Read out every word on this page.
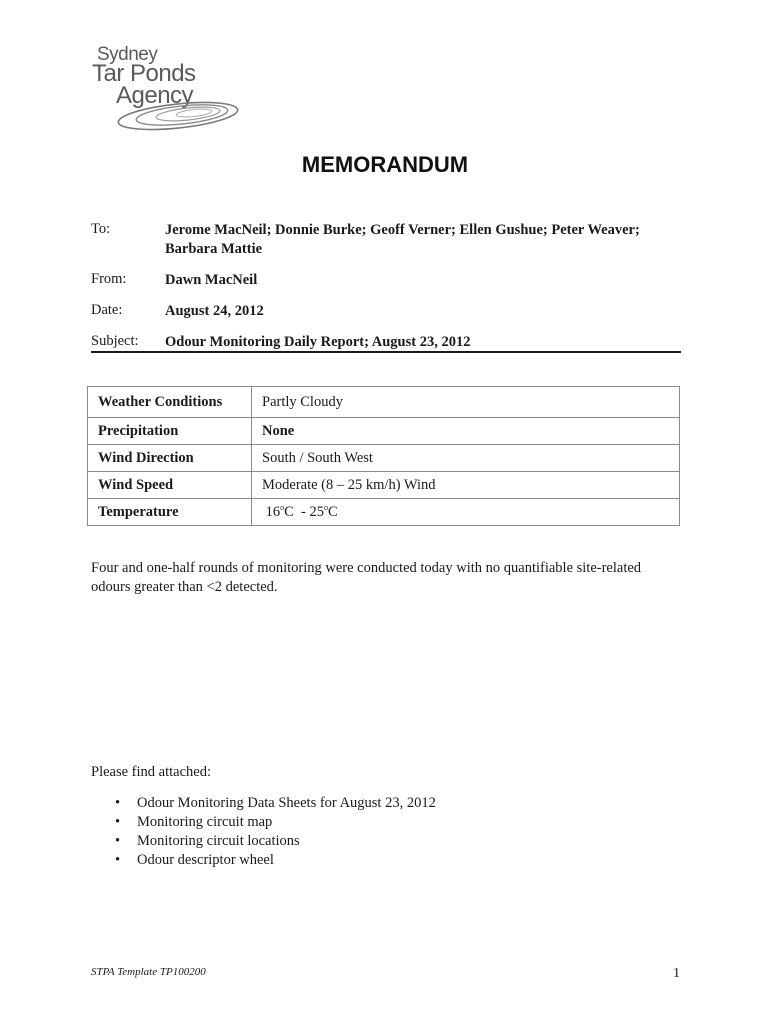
Sydney
Tar Ponds
Agency
MEMORANDUM
To:	Jerome MacNeil; Donnie Burke; Geoff Verner; Ellen Gushue; Peter Weaver;
Barbara Mattie
From:	Dawn MacNeil
Date:	August 24, 2012
Subject: Odour Monitoring Daily Report; August 23, 2012
Weather Conditions	Partly Cloudy
Precipitation	None
Wind Direction	South / South West
Wind Speed	Moderate (8 – 25 km/h) Wind
Temperature	16$^o$C - 25$^o$C
Four and one-half rounds of monitoring were conducted today with no quantifiable site-related odours greater than <2 detected.
Please find attached:
• Odour Monitoring Data Sheets for August 23, 2012
• Monitoring circuit map
• Monitoring circuit locations
• Odour descriptor wheel
STPA Template TP100200	1
